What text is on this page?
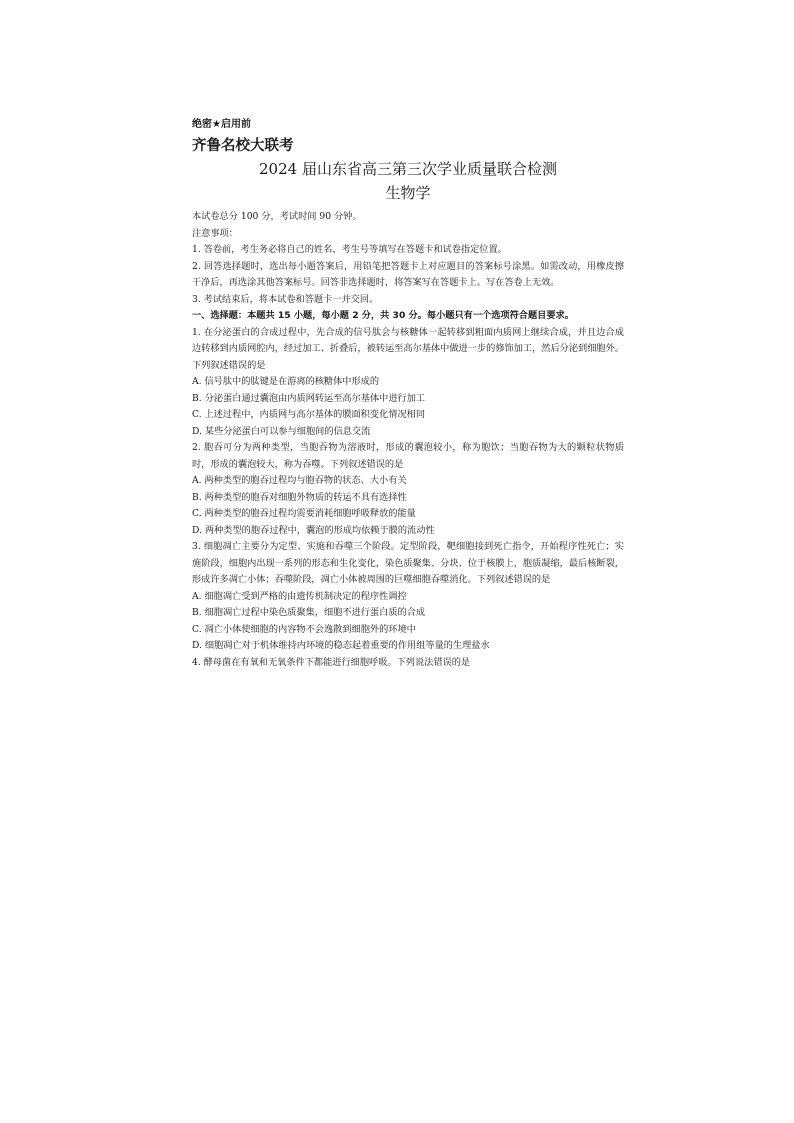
绝密★启用前
齐鲁名校大联考
2024 届山东省高三第三次学业质量联合检测
生物学
本试卷总分 100 分，考试时间 90 分钟。
注意事项：
1. 答卷前，考生务必将自己的姓名、考生号等填写在答题卡和试卷指定位置。
2. 回答选择题时，选出每小题答案后，用铅笔把答题卡上对应题目的答案标号涂黑。如需改动，用橡皮擦干净后，再选涂其他答案标号。回答非选择题时，将答案写在答题卡上。写在答卷上无效。
3. 考试结束后，将本试卷和答题卡一并交回。
一、选择题：本题共 15 小题，每小题 2 分，共 30 分。每小题只有一个选项符合题目要求。
1. 在分泌蛋白的合成过程中，先合成的信号肽会与核糖体一起转移到粗面内质网上继续合成，并且边合成边转移到内质网腔内，经过加工、折叠后，被转运至高尔基体中做进一步的修饰加工，然后分泌到细胞外。下列叙述错误的是
A. 信号肽中的肽键是在游离的核糖体中形成的
B. 分泌蛋白通过囊泡由内质网转运至高尔基体中进行加工
C. 上述过程中，内质网与高尔基体的膜面积变化情况相同
D. 某些分泌蛋白可以参与细胞间的信息交流
2. 胞吞可分为两种类型，当胞吞物为溶液时，形成的囊泡较小，称为胞饮；当胞吞物为大的颗粒状物质时，形成的囊泡较大，称为吞噬。下列叙述错误的是
A. 两种类型的胞吞过程均与胞吞物的状态、大小有关
B. 两种类型的胞吞对细胞外物质的转运不具有选择性
C. 两种类型的胞吞过程均需要消耗细胞呼吸释放的能量
D. 两种类型的胞吞过程中，囊泡的形成均依赖于膜的流动性
3. 细胞凋亡主要分为定型、实施和吞噬三个阶段。定型阶段，靶细胞接到死亡指令，开始程序性死亡；实施阶段，细胞内出现一系列的形态和生化变化，染色质聚集、分块、位于核膜上，胞质凝缩，最后核断裂，形成许多凋亡小体；吞噬阶段，凋亡小体被周围的巨噬细胞吞噬消化。下列叙述错误的是
A. 细胞凋亡受到严格的由遗传机制决定的程序性调控
B. 细胞凋亡过程中染色质聚集，细胞不进行蛋白质的合成
C. 凋亡小体使细胞的内容物不会逸散到细胞外的环境中
D. 细胞凋亡对于机体维持内环境的稳态起着重要的作用组等量的生理盐水
4. 酵母菌在有氧和无氧条件下都能进行细胞呼吸。下列说法错误的是
